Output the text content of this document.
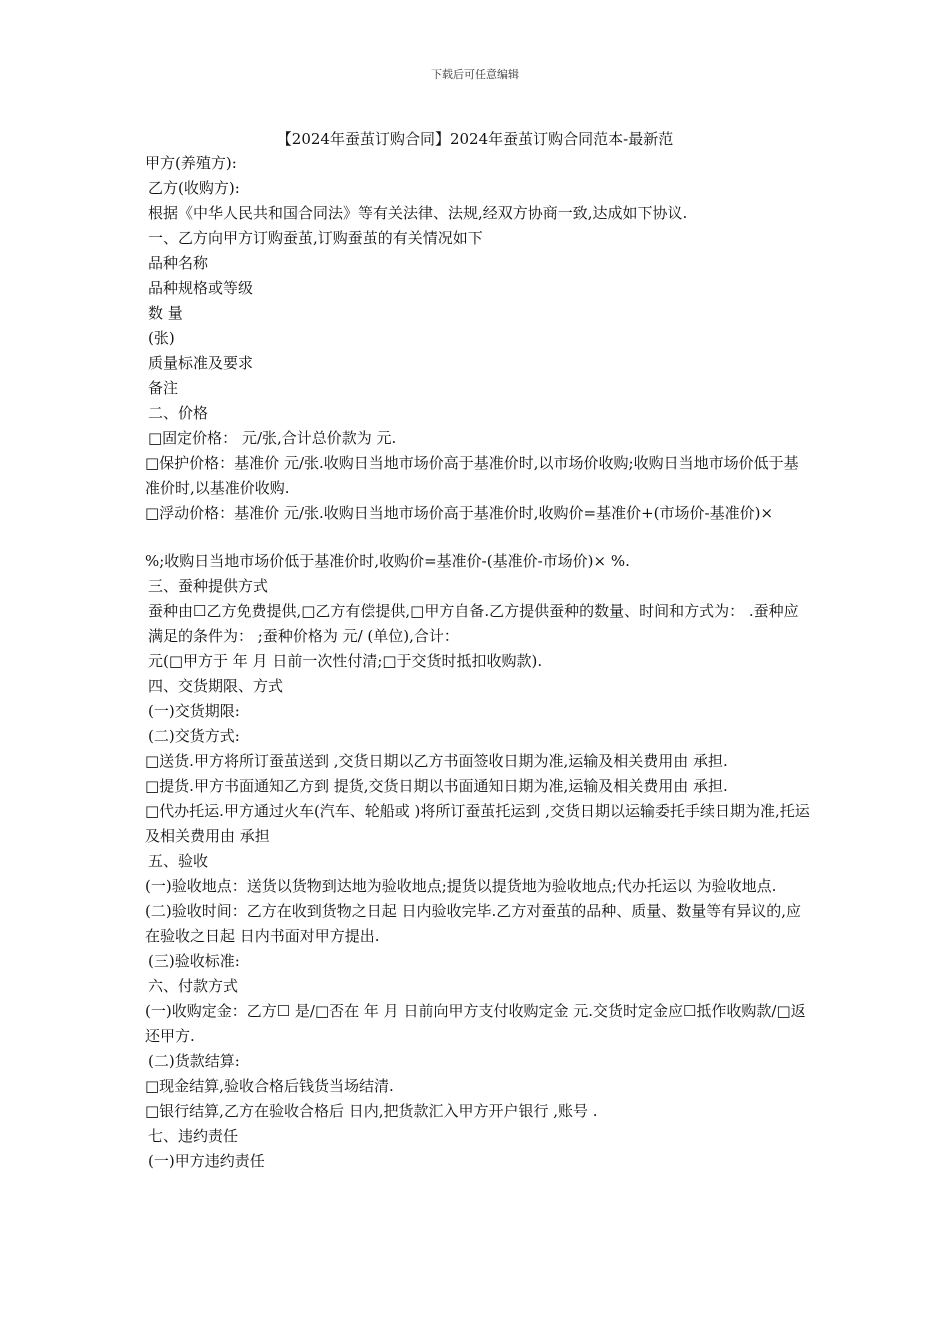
下载后可任意编辑
【2024年蚕茧订购合同】2024年蚕茧订购合同范本-最新范
甲方(养殖方):
乙方(收购方):
根据《中华人民共和国合同法》等有关法律、法规,经双方协商一致,达成如下协议.
一、乙方向甲方订购蚕茧,订购蚕茧的有关情况如下
品种名称
品种规格或等级
数 量
(张)
质量标准及要求
备注
二、价格
□固定价格： 元/张,合计总价款为 元.
□保护价格：基准价 元/张.收购日当地市场价高于基准价时,以市场价收购;收购日当地市场价低于基准价时,以基准价收购.
□浮动价格：基准价 元/张.收购日当地市场价高于基准价时,收购价=基准价+(市场价-基准价)×
%;收购日当地市场价低于基准价时,收购价=基准价-(基准价-市场价)× %.
三、蚕种提供方式
蚕种由☐乙方免费提供,□乙方有偿提供,□甲方自备.乙方提供蚕种的数量、时间和方式为： .蚕种应满足的条件为： ;蚕种价格为 元/ (单位),合计：
元(□甲方于 年 月 日前一次性付清;□于交货时抵扣收购款).
四、交货期限、方式
(一)交货期限:
(二)交货方式:
□送货.甲方将所订蚕茧送到 ,交货日期以乙方书面签收日期为准,运输及相关费用由 承担.
□提货.甲方书面通知乙方到 提货,交货日期以书面通知日期为准,运输及相关费用由 承担.
□代办托运.甲方通过火车(汽车、轮船或 )将所订蚕茧托运到 ,交货日期以运输委托手续日期为准,托运及相关费用由 承担
五、验收
(一)验收地点：送货以货物到达地为验收地点;提货以提货地为验收地点;代办托运以 为验收地点.
(二)验收时间：乙方在收到货物之日起 日内验收完毕.乙方对蚕茧的品种、质量、数量等有异议的,应在验收之日起 日内书面对甲方提出.
(三)验收标准:
六、付款方式
(一)收购定金：乙方☐ 是/□否在 年 月 日前向甲方支付收购定金 元.交货时定金应☐抵作收购款/□返还甲方.
(二)货款结算:
□现金结算,验收合格后钱货当场结清.
□银行结算,乙方在验收合格后 日内,把货款汇入甲方开户银行 ,账号 .
七、违约责任
(一)甲方违约责任
